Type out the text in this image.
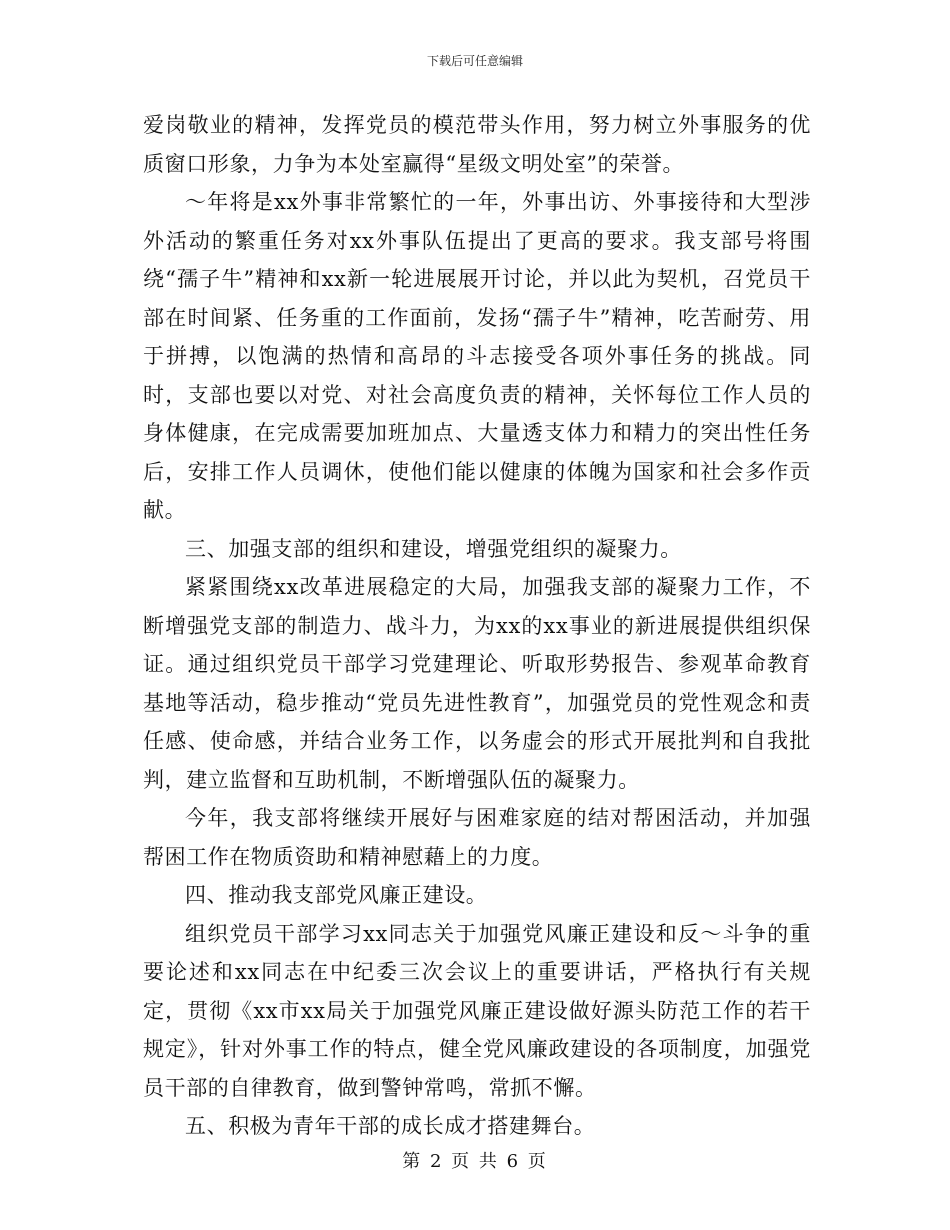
下载后可任意编辑

爱岗敬业的精神，发挥党员的模范带头作用，努力树立外事服务的优质窗口形象，力争为本处室赢得“星级文明处室”的荣誉。

～年将是xx外事非常繁忙的一年，外事出访、外事接待和大型涉外活动的繁重任务对xx外事队伍提出了更高的要求。我支部号将围绕“孺子牛”精神和xx新一轮进展展开讨论，并以此为契机，召党员干部在时间紧、任务重的工作面前，发扬“孺子牛”精神，吃苦耐劳、用于拼搏，以饱满的热情和高昂的斗志接受各项外事任务的挑战。同时，支部也要以对党、对社会高度负责的精神，关怀每位工作人员的身体健康，在完成需要加班加点、大量透支体力和精力的突出性任务后，安排工作人员调休，使他们能以健康的体魄为国家和社会多作贡献。

三、加强支部的组织和建设，增强党组织的凝聚力。

紧紧围绕xx改革进展稳定的大局，加强我支部的凝聚力工作，不断增强党支部的制造力、战斗力，为xx的xx事业的新进展提供组织保证。通过组织党员干部学习党建理论、听取形势报告、参观革命教育基地等活动，稳步推动“党员先进性教育”，加强党员的党性观念和责任感、使命感，并结合业务工作，以务虚会的形式开展批判和自我批判，建立监督和互助机制，不断增强队伍的凝聚力。

今年，我支部将继续开展好与困难家庭的结对帮困活动，并加强帮困工作在物质资助和精神慰藉上的力度。

四、推动我支部党风廉正建设。

组织党员干部学习xx同志关于加强党风廉正建设和反～斗争的重要论述和xx同志在中纪委三次会议上的重要讲话，严格执行有关规定，贯彻《xx市xx局关于加强党风廉正建设做好源头防范工作的若干规定》，针对外事工作的特点，健全党风廉政建设的各项制度，加强党员干部的自律教育，做到警钟常鸣，常抓不懈。

五、积极为青年干部的成长成才搭建舞台。

第 2 页 共 6 页
